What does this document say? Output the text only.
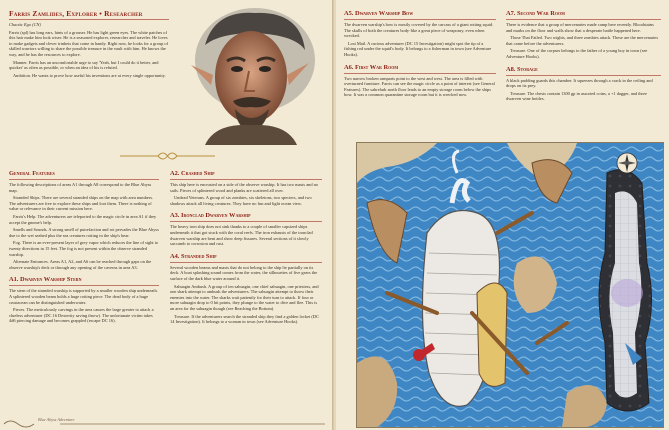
Farris Zamlides, Explorer • Researcher

Chaotic Ego (CN)

Farris (spl) has long ears, hints of a grouser. He has light green eyes. The white patches of this hair make him look wiser. He is a seasoned explorer, researcher and traveler. He loves to make gadgets and clever trinkets that come in handy. Right now, he looks for a group of skilled warriors willing to share the possible treasure in the vault with him. He knows the way, and he has the resources to explore.

Manner. Farris has an uncomfortable urge to say 'Yeah, but I could do it better, and quicker' as often as possible, or when an idea of his is refuted.

Ambition. He wants to prove how useful his inventions are at every single opportunity.

General Features

The following descriptions of areas A1 through A8 correspond to the Blue Abyss map.

Stranded Ships. There are several stranded ships on the map with area numbers. The adventurers are free to explore these ships and loot them. There is nothing of value or relevance in their current mission here.

Farris's Help. The adventurers are teleported to the magic circle in area A1 if they accept the gnome's help.

Smells and Sounds. A strong smell of putrefaction and rot pervades the Blue Abyss due to the wet seabed plus the sea creatures rotting in the ship's bear.

Fog. There is an ever-present layer of grey vapor which reduces the line of sight to twenty directions in 15 feet. The fog is not present within the observe stranded warship.

Alternate Entrances. Areas A1, A2, and A6 can be reached through gaps on the observe warship's deck or through any opening of the caverns in area A3.

A1. Dwarven Warship Stern

The stern of the stranded warship is supported by a smaller wooden ship underneath. A splintered wooden beam holds a huge rotting piece. The dead body of a huge crustacean can be distinguished underwater.

Pieces. The meticulously carvings in the area causes the large greater to attack a clueless adventurer (DC 16 Dexterity saving throw). The unfortunate victim takes 4d6 piercing damage and becomes grappled (escape DC 16).

A2. Crashed Ship

This ship here is encrusted on a side of the observe warship. It has two masts and no sails. Pieces of splintered wood and planks are scattered all over.

Undead Veterans. A group of six zombies, six skeletons, two specters, and two shadows attack all living creatures. They have no fun and light ocean view.

A3. Ironclad Dwarven Warship

The heavy iron ship does not sink thanks to a couple of smaller capsized ships underneath it that got stuck with the coral reefs. The iron exhausts of the ironclad dwarven warship are bent and show deep fissures. Several sections of it slowly succumb to corrosion and rust.

A4. Stranded Ship

Several wooden beams and masts that do not belong to the ship lie partially on its deck. A boat splashing sound comes from the water, the silhouettes of five gears the surface of the dark blue water around it.

Sahuagin Ambush. A group of ten sahuagin, one chief sahuagin, one priestess, and one shark attempt to ambush the adventurers. The sahuagin attempt to throw their enemies into the water. The sharks wait patiently for their turn to attack. If four or more sahuagin drop to 0 hit points, they plunge to the water to dive and flee. This is an area for the sahuagin though (see Reaching the Bottom).

Treasure. If the adventurers search the stranded ship they find a golden locket (DC 14 Investigation). It belongs to a woman in town (see Adventure Hooks).

Blue Abyss Adventure
A5. Dwarven Warship Bow

The dwarven warship's bow is mostly covered by the carcass of a giant rotting squid. The skulls of both the creatures body-like a great piece of weaponry, even when wrecked.

Lost Mail. A curious adventurer (DC 15 Investigation) might spot the tip of a fishing rod under the squid's body. It belongs to a fisherman in town (see Adventure Hooks).

A6. First War Room

Two narrow broken ramparts point to the west and west. The area is filled with overturned furniture. Farris can see the magic circle as a point of interest (see General Features). The sabrelark north floor leads to an empty storage room below the ships bow. It was a common quarantine storage room but it is wrecked now.

A7. Second War Room

There is evidence that a group of mercenaries made camp here recently. Bloodstains and marks on the floor and walls show that a desperate battle happened here.

Those That Failed. Two wights, and three zombies attack. These are the mercenaries that came before the adventurers.

Treasure. One of the corpses belongs to the father of a young boy in town (see Adventure Hooks).

A8. Storage

A black pudding guards this chamber. It squeezes through a crack in the ceiling and drops on its prey.

Treasure. The chests contain 1300 gp in assorted coins, a +1 dagger, and three dwarven wine bottles.
